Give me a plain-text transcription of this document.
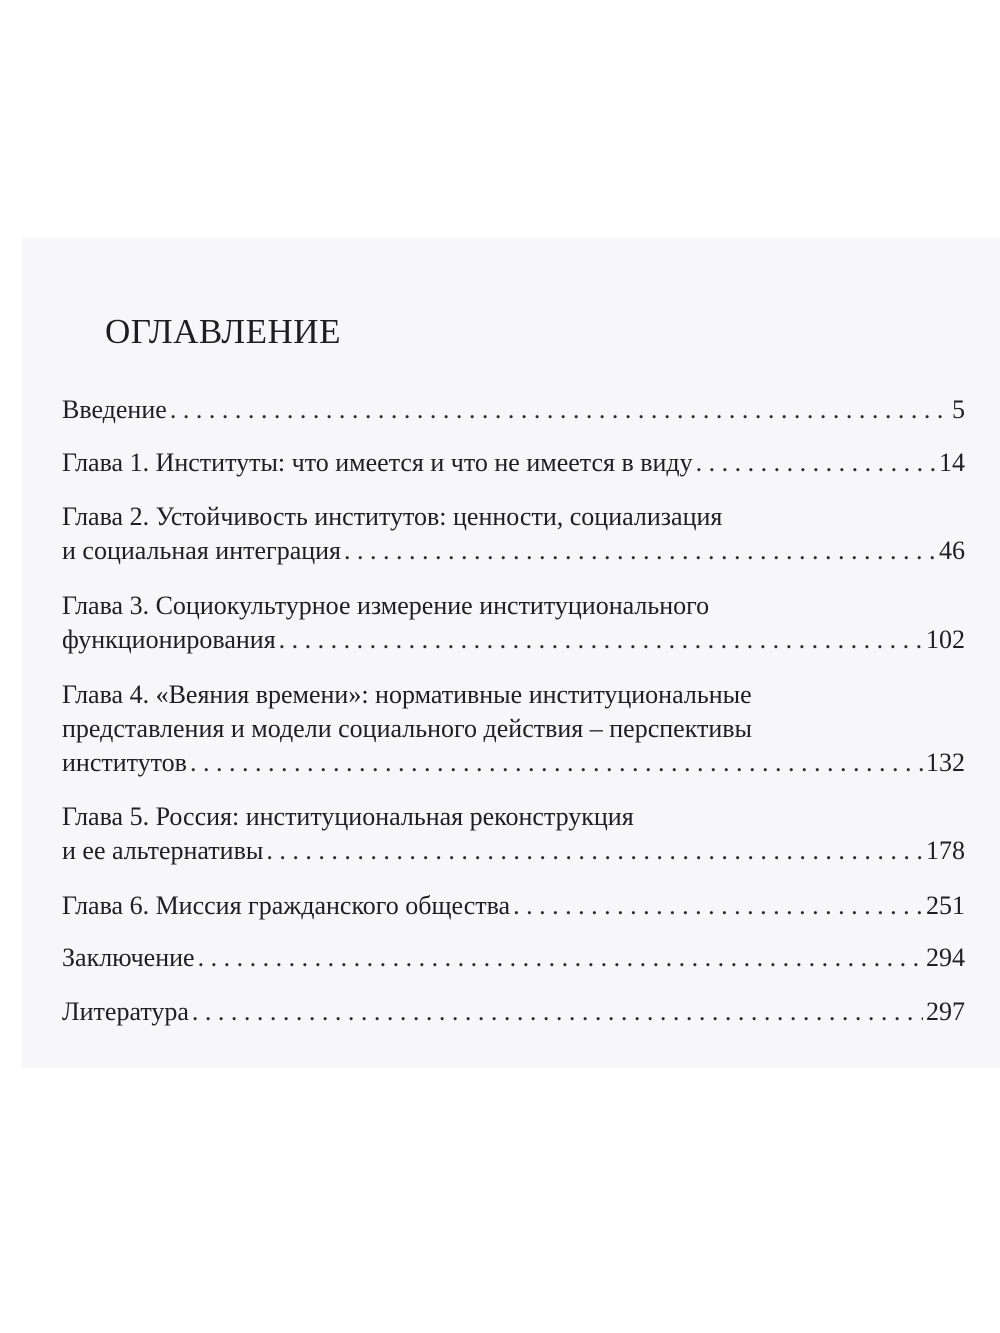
ОГЛАВЛЕНИЕ
Введение . . .	5
Глава 1. Институты: что имеется и что не имеется в виду . . .	14
Глава 2. Устойчивость институтов: ценности, социализация
и социальная интеграция . . .	46
Глава 3. Социокультурное измерение институционального
функционирования . . .	102
Глава 4. «Веяния времени»: нормативные институциональные
представления и модели социального действия – перспективы
институтов . . .	132
Глава 5. Россия: институциональная реконструкция
и ее альтернативы . . .	178
Глава 6. Миссия гражданского общества . . .	251
Заключение . . .	294
Литература . . .	297
